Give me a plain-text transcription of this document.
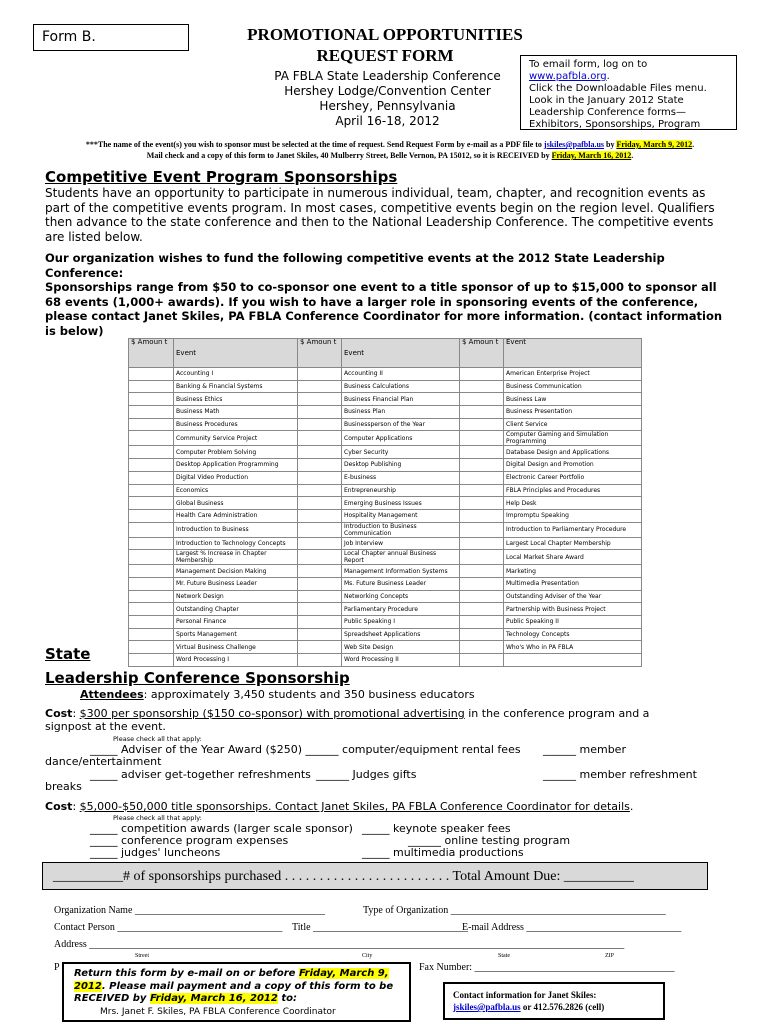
Form B.	PROMOTIONAL OPPORTUNITIES
REQUEST FORM
PA FBLA State Leadership Conference
Hershey Lodge/Convention Center
Hershey, Pennsylvania
April 16-18, 2012
To email form, log on to
www.pafbla.org.
Click the Downloadable Files menu.
Look in the January 2012 State
Leadership Conference forms—
Exhibitors, Sponsorships, Program
***The name of the event(s) you wish to sponsor must be selected at the time of request. Send Request Form by e-mail as a PDF file to jskiles@pafbla.us by Friday, March 9, 2012.
Mail check and a copy of this form to Janet Skiles, 40 Mulberry Street, Belle Vernon, PA 15012, so it is RECEIVED by Friday, March 16, 2012.
Competitive Event Program Sponsorships
Students have an opportunity to participate in numerous individual, team, chapter, and recognition events as part of the competitive events program. In most cases, competitive events begin on the region level. Qualifiers then advance to the state conference and then to the National Leadership Conference. The competitive events are listed below.
Our organization wishes to fund the following competitive events at the 2012 State Leadership Conference:
Sponsorships range from $50 to co-sponsor one event to a title sponsor of up to $15,000 to sponsor all 68 events (1,000+ awards). If you wish to have a larger role in sponsoring events of the conference, please contact Janet Skiles, PA FBLA Conference Coordinator for more information. (contact information is below)
$ Amoun t	Event	$ Amoun t	Event	$ Amoun t	Event
	Accounting I		Accounting II		American Enterprise Project
	Banking & Financial Systems		Business Calculations		Business Communication
	Business Ethics		Business Financial Plan		Business Law
	Business Math		Business Plan		Business Presentation
	Business Procedures		Businessperson of the Year		Client Service
	Community Service Project		Computer Applications		Computer Gaming and Simulation Programming
	Computer Problem Solving		Cyber Security		Database Design and Applications
	Desktop Application Programming		Desktop Publishing		Digital Design and Promotion
	Digital Video Production		E-business		Electronic Career Portfolio
	Economics		Entrepreneurship		FBLA Principles and Procedures
	Global Business		Emerging Business Issues		Help Desk
	Health Care Administration		Hospitality Management		Impromptu Speaking
	Introduction to Business		Introduction to Business Communication		Introduction to Parliamentary Procedure
	Introduction to Technology Concepts		Job Interview		Largest Local Chapter Membership
	Largest % Increase in Chapter Membership		Local Chapter annual Business Report		Local Market Share Award
	Management Decision Making		Management Information Systems		Marketing
	Mr. Future Business Leader		Ms. Future Business Leader		Multimedia Presentation
	Network Design		Networking Concepts		Outstanding Adviser of the Year
	Outstanding Chapter		Parliamentary Procedure		Partnership with Business Project
	Personal Finance		Public Speaking I		Public Speaking II
	Sports Management		Spreadsheet Applications		Technology Concepts
	Virtual Business Challenge		Web Site Design		Who's Who in PA FBLA
	Word Processing I		Word Processing II		
State
Leadership Conference Sponsorship
Attendees: approximately 3,450 students and 350 business educators
Cost: $300 per sponsorship ($150 co-sponsor) with promotional advertising in the conference program and a
signpost at the event.
Please check all that apply:
_____ Adviser of the Year Award ($250) ______ computer/equipment rental fees ______ member
dance/entertainment
_____ adviser get-together refreshments ______ Judges gifts	______ member refreshment
breaks
Cost: $5,000-$50,000 title sponsorships. Contact Janet Skiles, PA FBLA Conference Coordinator for details.
Please check all that apply:
_____ competition awards (larger scale sponsor) _____ keynote speaker fees
_____ conference program expenses	______ online testing program
_____ judges' luncheons	_____ multimedia productions
__________# of sponsorships purchased . . . . . . . . . . . . . . . . . . . . . . . . Total Amount Due: __________
Organization Name ______________________________________	Type of Organization ___________________________________________
Contact Person _________________________________ Title _______________________________
E-mail Address _______________________________
Address ___________________________________________________________________________________________________________
Street	City	State	ZIP
P	Fax Number: ________________________________________
Return this form by e-mail on or before Friday, March 9,
2012. Please mail payment and a copy of this form to be
RECEIVED by Friday, March 16, 2012 to:
Mrs. Janet F. Skiles, PA FBLA Conference Coordinator
Contact information for Janet Skiles:
jskiles@pafbla.us or 412.576.2826 (cell)
